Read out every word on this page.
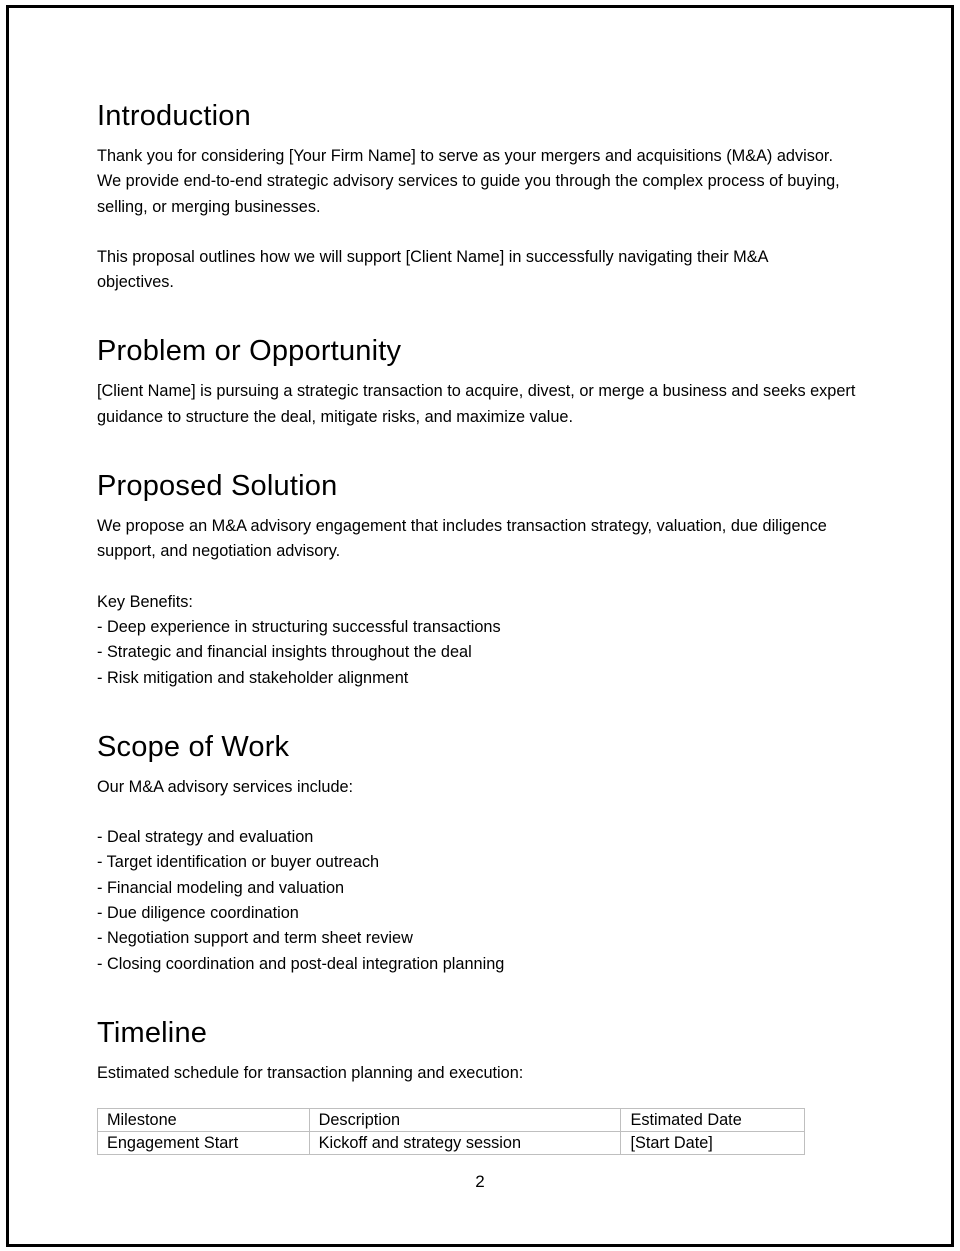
Introduction

Thank you for considering [Your Firm Name] to serve as your mergers and acquisitions (M&A) advisor.
We provide end-to-end strategic advisory services to guide you through the complex process of buying,
selling, or merging businesses.

This proposal outlines how we will support [Client Name] in successfully navigating their M&A
objectives.

Problem or Opportunity

[Client Name] is pursuing a strategic transaction to acquire, divest, or merge a business and seeks expert
guidance to structure the deal, mitigate risks, and maximize value.

Proposed Solution

We propose an M&A advisory engagement that includes transaction strategy, valuation, due diligence
support, and negotiation advisory.

Key Benefits:
- Deep experience in structuring successful transactions
- Strategic and financial insights throughout the deal
- Risk mitigation and stakeholder alignment

Scope of Work

Our M&A advisory services include:

- Deal strategy and evaluation
- Target identification or buyer outreach
- Financial modeling and valuation
- Due diligence coordination
- Negotiation support and term sheet review
- Closing coordination and post-deal integration planning

Timeline

Estimated schedule for transaction planning and execution:

Milestone	Description	Estimated Date
Engagement Start	Kickoff and strategy session	[Start Date]
2
